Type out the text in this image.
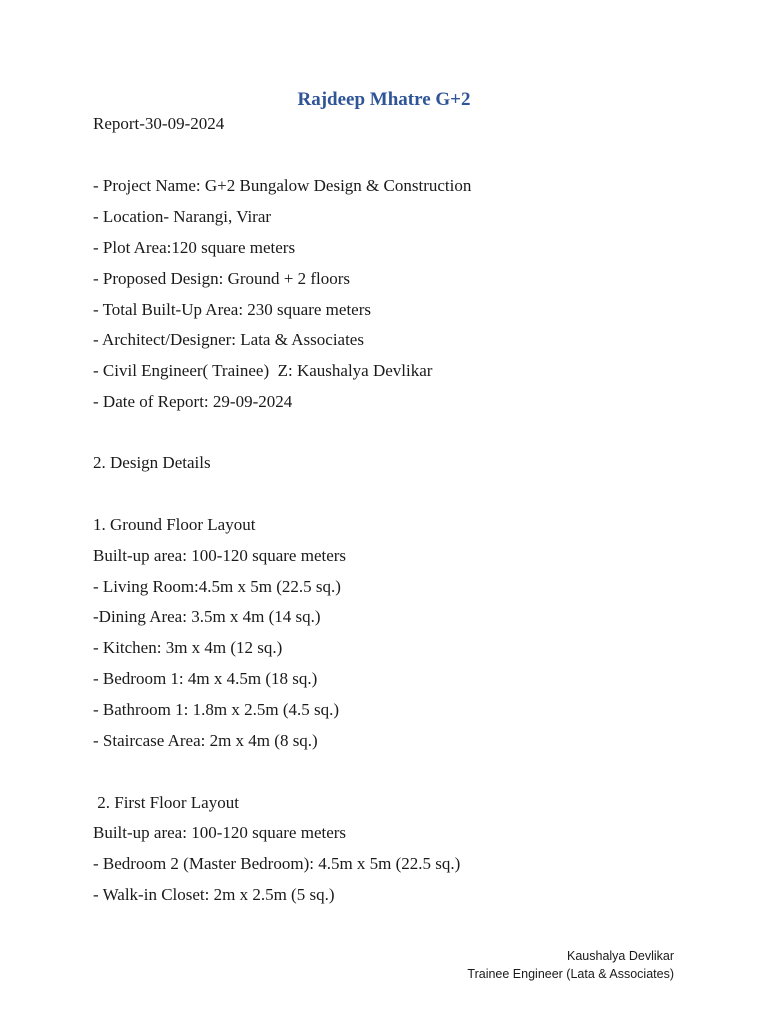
Rajdeep Mhatre G+2
Report-30-09-2024
- Project Name: G+2 Bungalow Design & Construction
- Location- Narangi, Virar
- Plot Area:120 square meters
- Proposed Design: Ground + 2 floors
- Total Built-Up Area: 230 square meters
- Architect/Designer: Lata & Associates
- Civil Engineer( Trainee)  Z: Kaushalya Devlikar
- Date of Report: 29-09-2024
2. Design Details
1. Ground Floor Layout
Built-up area: 100-120 square meters
- Living Room:4.5m x 5m (22.5 sq.)
-Dining Area: 3.5m x 4m (14 sq.)
- Kitchen: 3m x 4m (12 sq.)
- Bedroom 1: 4m x 4.5m (18 sq.)
- Bathroom 1: 1.8m x 2.5m (4.5 sq.)
- Staircase Area: 2m x 4m (8 sq.)
2. First Floor Layout
Built-up area: 100-120 square meters
- Bedroom 2 (Master Bedroom): 4.5m x 5m (22.5 sq.)
- Walk-in Closet: 2m x 2.5m (5 sq.)
Kaushalya Devlikar
Trainee Engineer (Lata & Associates)
